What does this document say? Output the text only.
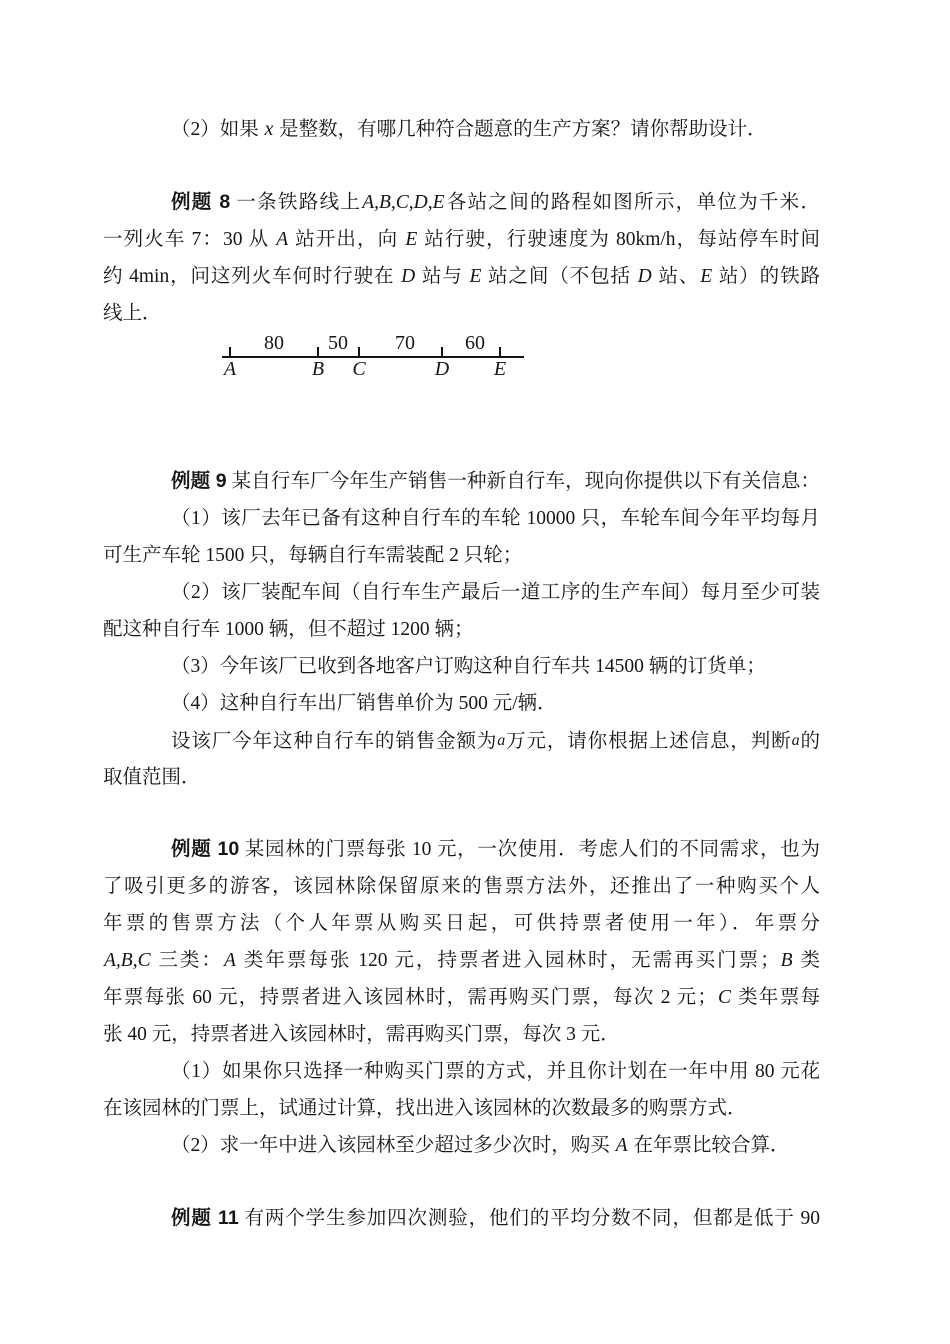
（2）如果 x 是整数，有哪几种符合题意的生产方案？请你帮助设计．
例题 8 一条铁路线上A,B,C,D,E各站之间的路程如图所示，单位为千米．
一列火车 7：30 从 A 站开出，向 E 站行驶，行驶速度为 80km/h，每站停车时间
约 4min，问这列火车何时行驶在 D 站与 E 站之间（不包括 D 站、E 站）的铁路
线上．
80 50 70	60
A	B C	D E
例题 9 某自行车厂今年生产销售一种新自行车，现向你提供以下有关信息：
（1）该厂去年已备有这种自行车的车轮 10000 只，车轮车间今年平均每月
可生产车轮 1500 只，每辆自行车需装配 2 只轮；
（2）该厂装配车间（自行车生产最后一道工序的生产车间）每月至少可装
配这种自行车 1000 辆，但不超过 1200 辆；
（3）今年该厂已收到各地客户订购这种自行车共 14500 辆的订货单；
（4）这种自行车出厂销售单价为 500 元/辆．
设该厂今年这种自行车的销售金额为a万元，请你根据上述信息，判断a的
取值范围．
例题 10 某园林的门票每张 10 元，一次使用．考虑人们的不同需求，也为
了吸引更多的游客，该园林除保留原来的售票方法外，还推出了一种购买个人
年票的售票方法（个人年票从购买日起，可供持票者使用一年）．年票分
A,B,C 三类：A 类年票每张 120 元，持票者进入园林时，无需再买门票；B 类
年票每张 60 元，持票者进入该园林时，需再购买门票，每次 2 元；C 类年票每
张 40 元，持票者进入该园林时，需再购买门票，每次 3 元．
（1）如果你只选择一种购买门票的方式，并且你计划在一年中用 80 元花
在该园林的门票上，试通过计算，找出进入该园林的次数最多的购票方式．
（2）求一年中进入该园林至少超过多少次时，购买 A 在年票比较合算．
例题 11 有两个学生参加四次测验，他们的平均分数不同，但都是低于 90
